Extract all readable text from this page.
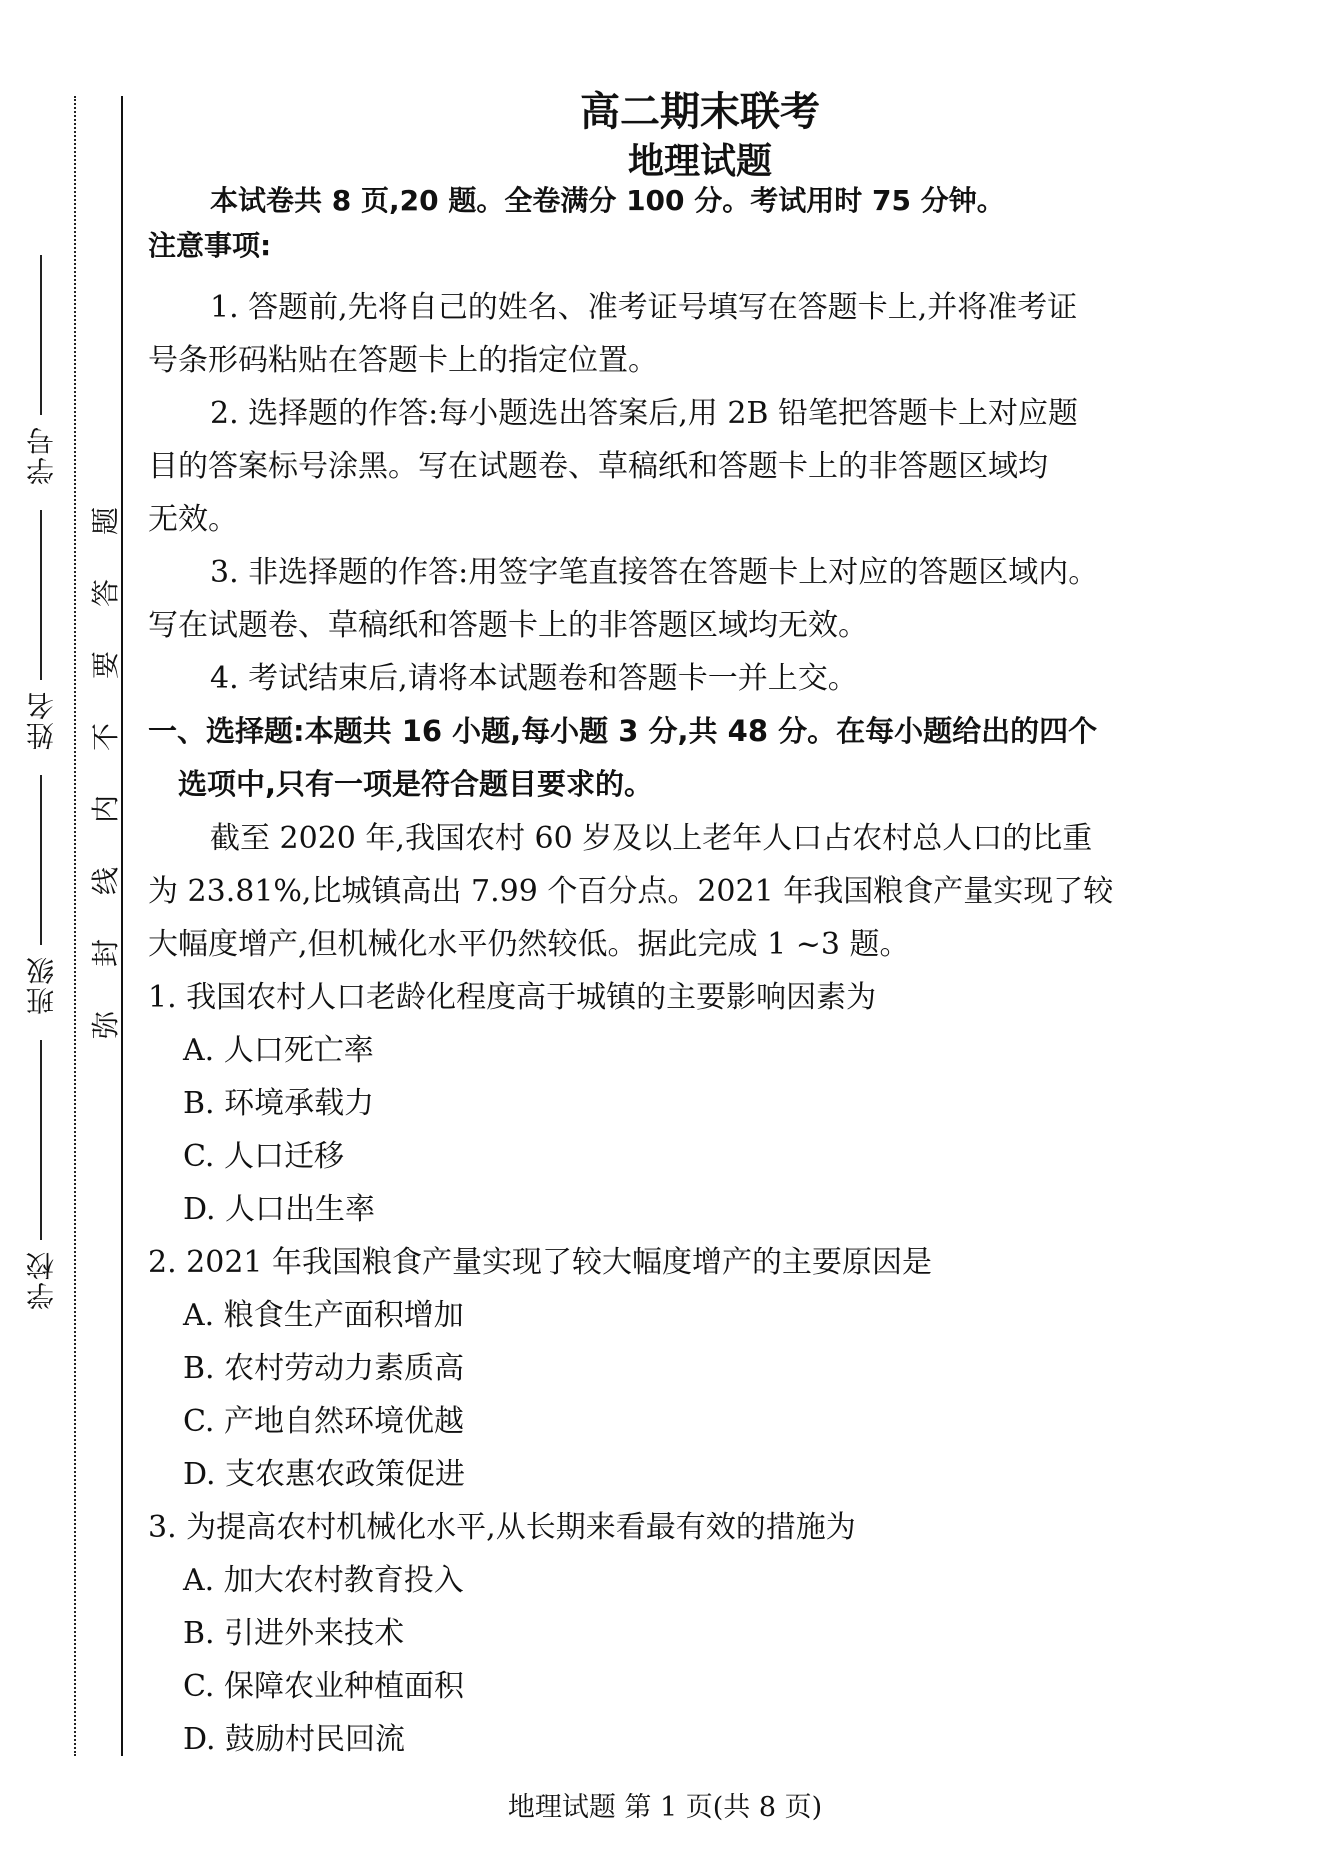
学号
姓名
班级
学校
弥
封
线
内
不
要
答
题
高二期末联考
地理试题
本试卷共 8 页,20 题。全卷满分 100 分。考试用时 75 分钟。
注意事项:
1. 答题前,先将自己的姓名、准考证号填写在答题卡上,并将准考证
号条形码粘贴在答题卡上的指定位置。
2. 选择题的作答:每小题选出答案后,用 2B 铅笔把答题卡上对应题
目的答案标号涂黑。写在试题卷、草稿纸和答题卡上的非答题区域均
无效。
3. 非选择题的作答:用签字笔直接答在答题卡上对应的答题区域内。
写在试题卷、草稿纸和答题卡上的非答题区域均无效。
4. 考试结束后,请将本试题卷和答题卡一并上交。
一、选择题:本题共 16 小题,每小题 3 分,共 48 分。在每小题给出的四个
选项中,只有一项是符合题目要求的。
截至 2020 年,我国农村 60 岁及以上老年人口占农村总人口的比重
为 23.81%,比城镇高出 7.99 个百分点。2021 年我国粮食产量实现了较
大幅度增产,但机械化水平仍然较低。据此完成 1 ~3 题。
1. 我国农村人口老龄化程度高于城镇的主要影响因素为
A. 人口死亡率
B. 环境承载力
C. 人口迁移
D. 人口出生率
2. 2021 年我国粮食产量实现了较大幅度增产的主要原因是
A. 粮食生产面积增加
B. 农村劳动力素质高
C. 产地自然环境优越
D. 支农惠农政策促进
3. 为提高农村机械化水平,从长期来看最有效的措施为
A. 加大农村教育投入
B. 引进外来技术
C. 保障农业种植面积
D. 鼓励村民回流
地理试题 第 1 页(共 8 页)
